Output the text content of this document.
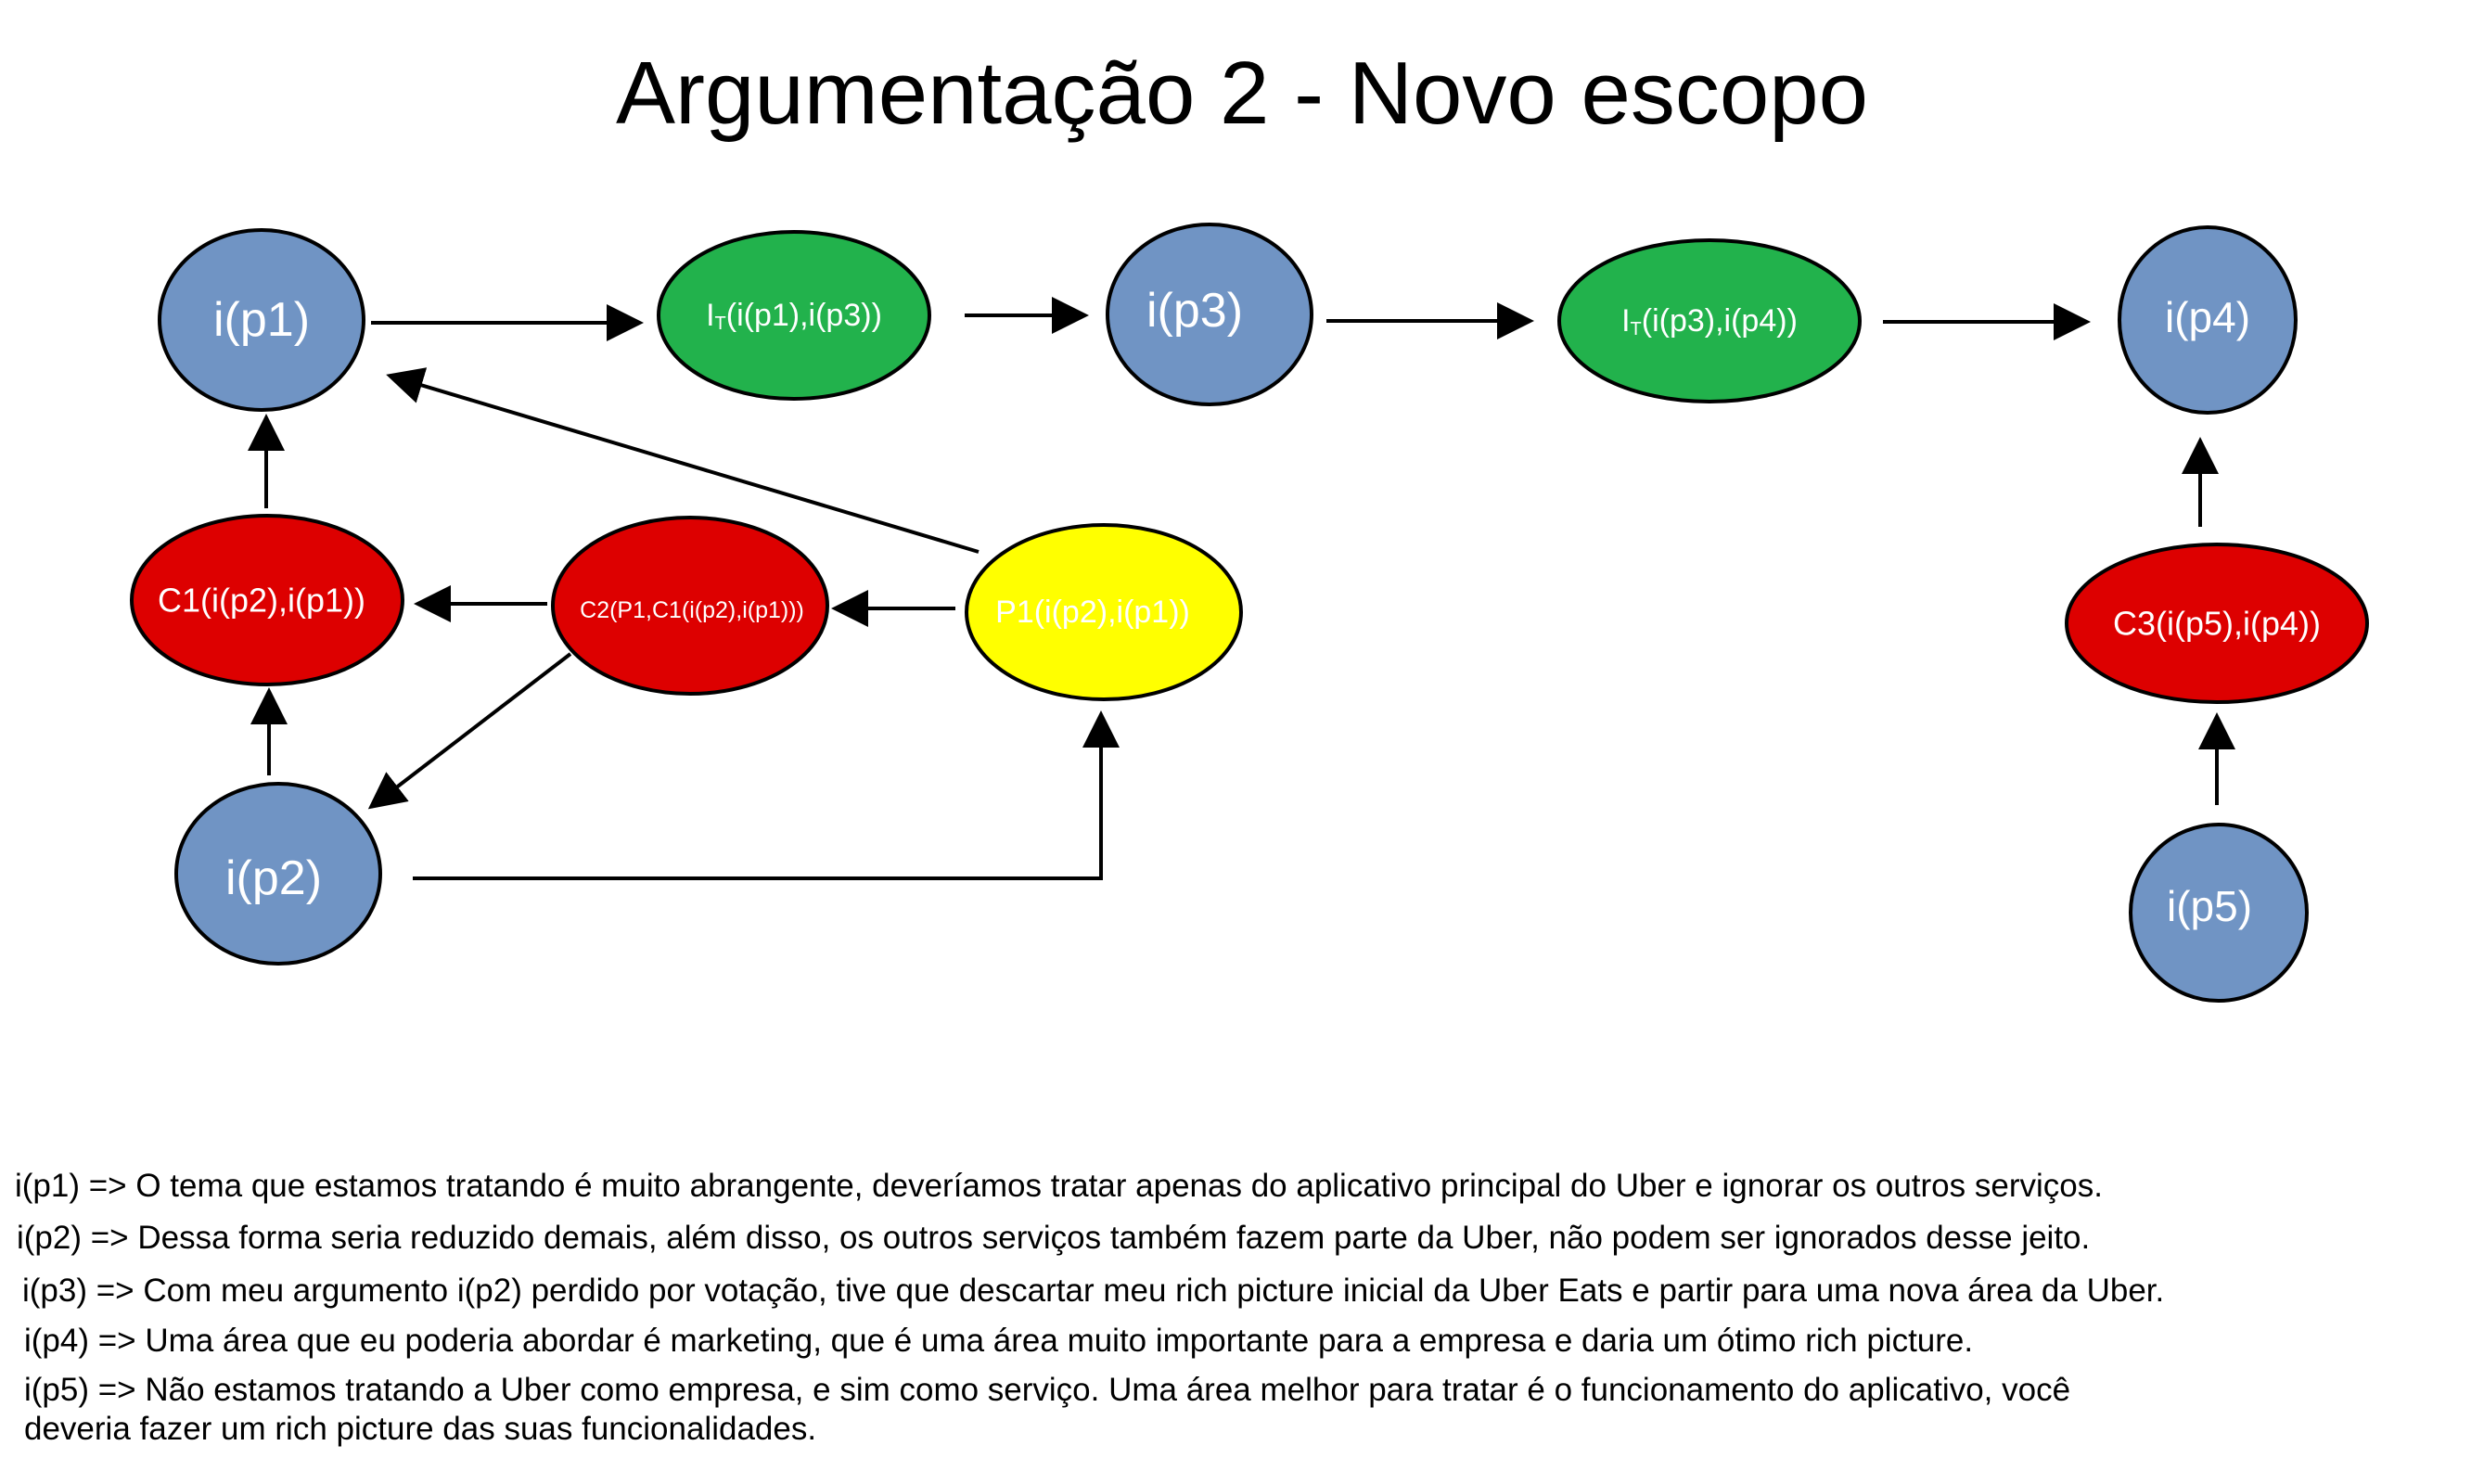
Argumentação 2 - Novo escopo
i(p1)	$I_T(i(p1),i(p3))$	i(p3)	$I_T(i(p3),i(p4))$	i(p4)
C1(i(p2),i(p1))	C2(P1,C1(i(p2),i(p1)))	P1(i(p2),i(p1))
i(p2)
C3(i(p5),i(p4))
i(p5)
i(p1) => O tema que estamos tratando é muito abrangente, deveríamos tratar apenas do aplicativo principal do Uber e ignorar os outros serviços.
i(p2) => Dessa forma seria reduzido demais, além disso, os outros serviços também fazem parte da Uber, não podem ser ignorados desse jeito.
i(p3) => Com meu argumento i(p2) perdido por votação, tive que descartar meu rich picture inicial da Uber Eats e partir para uma nova área da Uber.
i(p4) => Uma área que eu poderia abordar é marketing, que é uma área muito importante para a empresa e daria um ótimo rich picture.
i(p5) => Não estamos tratando a Uber como empresa, e sim como serviço. Uma área melhor para tratar é o funcionamento do aplicativo, você
deveria fazer um rich picture das suas funcionalidades.
